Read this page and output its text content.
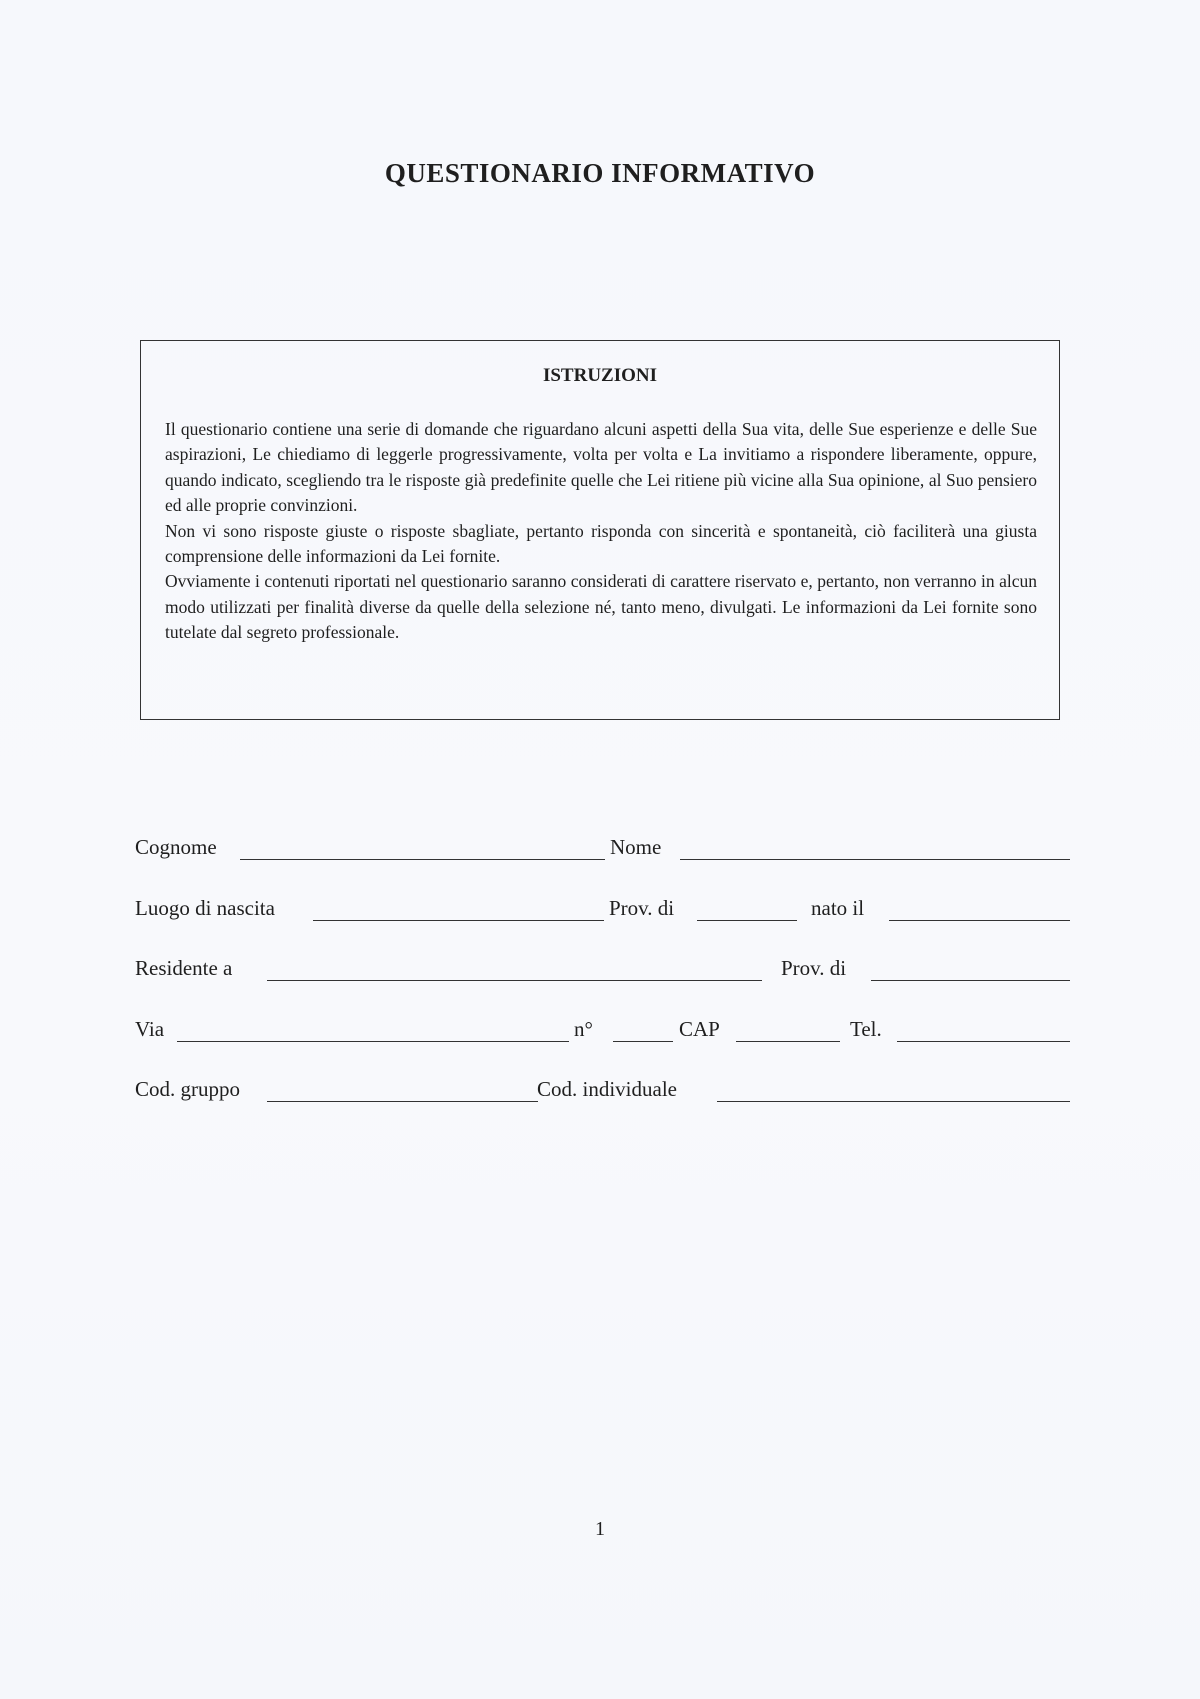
QUESTIONARIO INFORMATIVO
ISTRUZIONI

Il questionario contiene una serie di domande che riguardano alcuni aspetti della Sua vita, delle Sue esperienze e delle Sue aspirazioni, Le chiediamo di leggerle progressivamente, volta per volta e La invitiamo a rispondere liberamente, oppure, quando indicato, scegliendo tra le risposte già predefinite quelle che Lei ritiene più vicine alla Sua opinione, al Suo pensiero ed alle proprie convinzioni.

Non vi sono risposte giuste o risposte sbagliate, pertanto risponda con sincerità e spontaneità, ciò faciliterà una giusta comprensione delle informazioni da Lei fornite.

Ovviamente i contenuti riportati nel questionario saranno considerati di carattere riservato e, pertanto, non verranno in alcun modo utilizzati per finalità diverse da quelle della selezione né, tanto meno, divulgati. Le informazioni da Lei fornite sono tutelate dal segreto professionale.

Cognome	Nome
Luogo di nascita	Prov. di	nato il
Residente a	Prov. di
Via	n°	CAP	Tel.
Cod. gruppo	Cod. individuale
1
